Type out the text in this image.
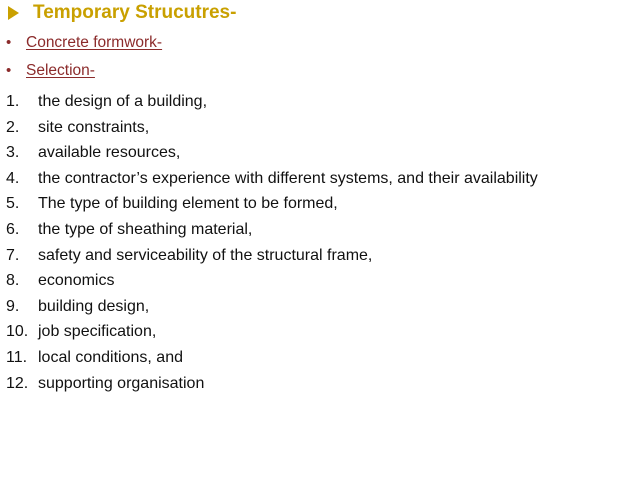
Temporary Strucutres-
• Concrete formwork-
• Selection-
1.	the design of a building,
2.	site constraints,
3.	available resources,
4.	the contractor’s experience with different systems, and their availability
5.	The type of building element to be formed,
6.	the type of sheathing material,
7.	safety and serviceability of the structural frame,
8.	economics
9.	building design,
10. job specification,
11. local conditions, and
12. supporting organisation
